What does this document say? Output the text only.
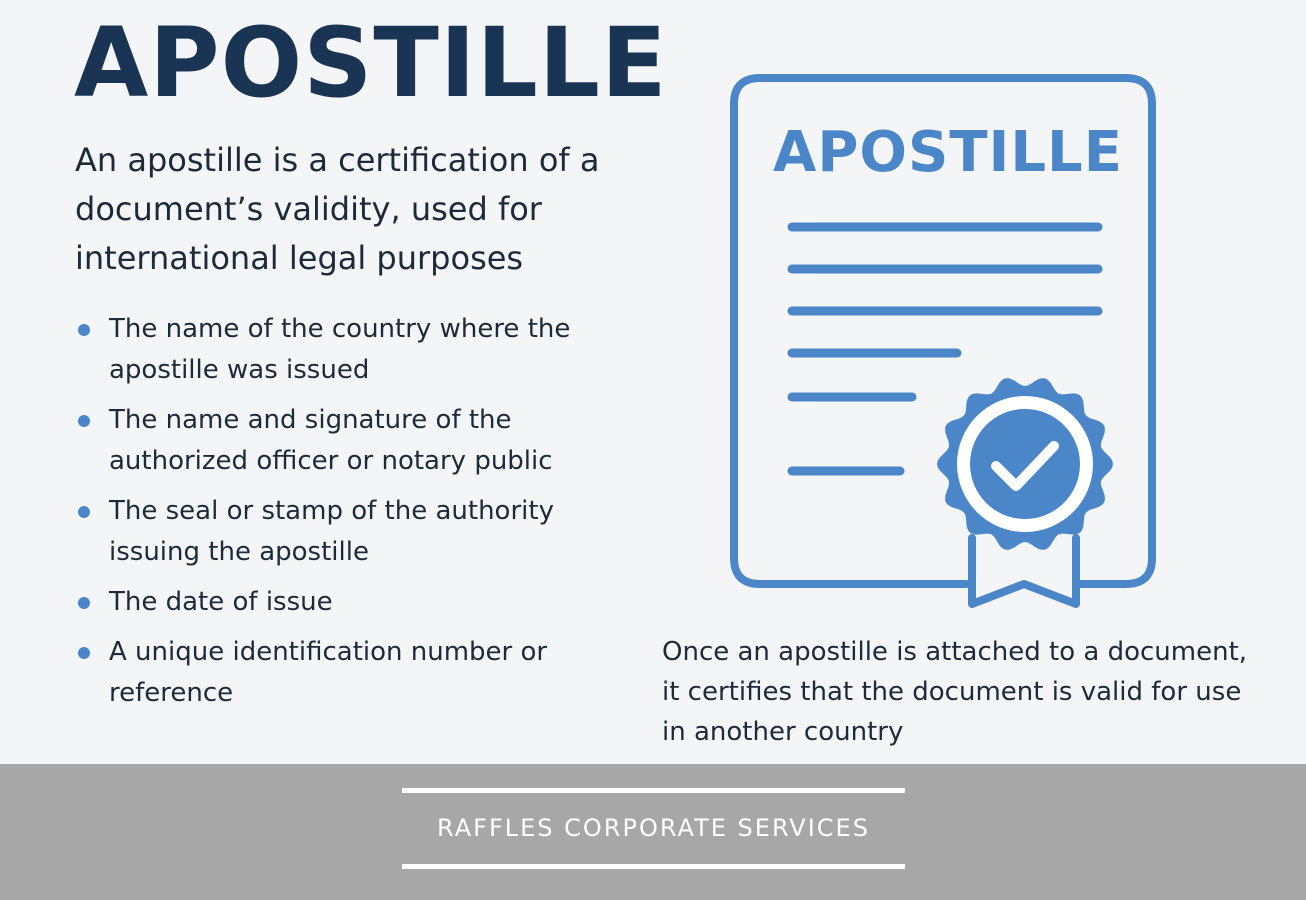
APOSTILLE

An apostille is a certification of a document’s validity, used for international legal purposes

The name of the country where the apostille was issued
The name and signature of the authorized officer or notary public
The seal or stamp of the authority issuing the apostille
The date of issue
A unique identification number or reference
APOSTILLE

Once an apostille is attached to a document, it certifies that the document is valid for use in another country

RAFFLES CORPORATE SERVICES
